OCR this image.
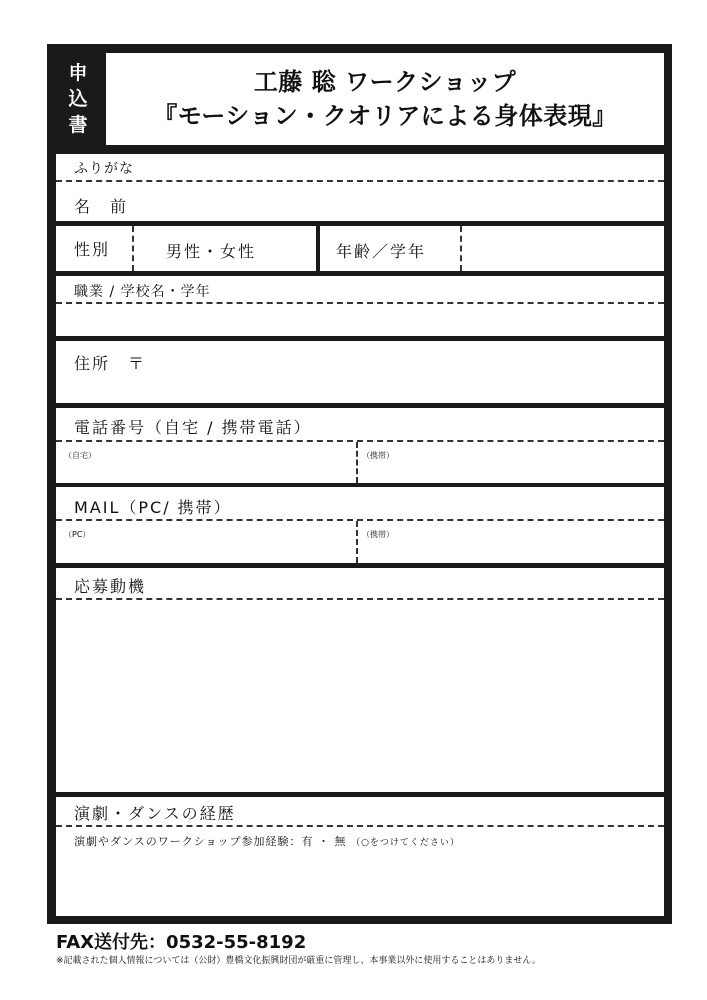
申
込
書
工藤 聡 ワークショップ
『モーション・クオリアによる身体表現』
ふりがな
名　前
性別	男性・女性	年齢／学年
職業 / 学校名・学年
住所　〒
電話番号（自宅 / 携帯電話）
（自宅）	（携帯）
MAIL（PC/ 携帯）
（PC）	（携帯）
応募動機
演劇・ダンスの経歴
演劇やダンスのワークショップ参加経験：有 ・ 無 （○をつけてください）
FAX送付先：0532-55-8192
※記載された個人情報については（公財）豊橋文化振興財団が厳重に管理し、本事業以外に使用することはありません。
